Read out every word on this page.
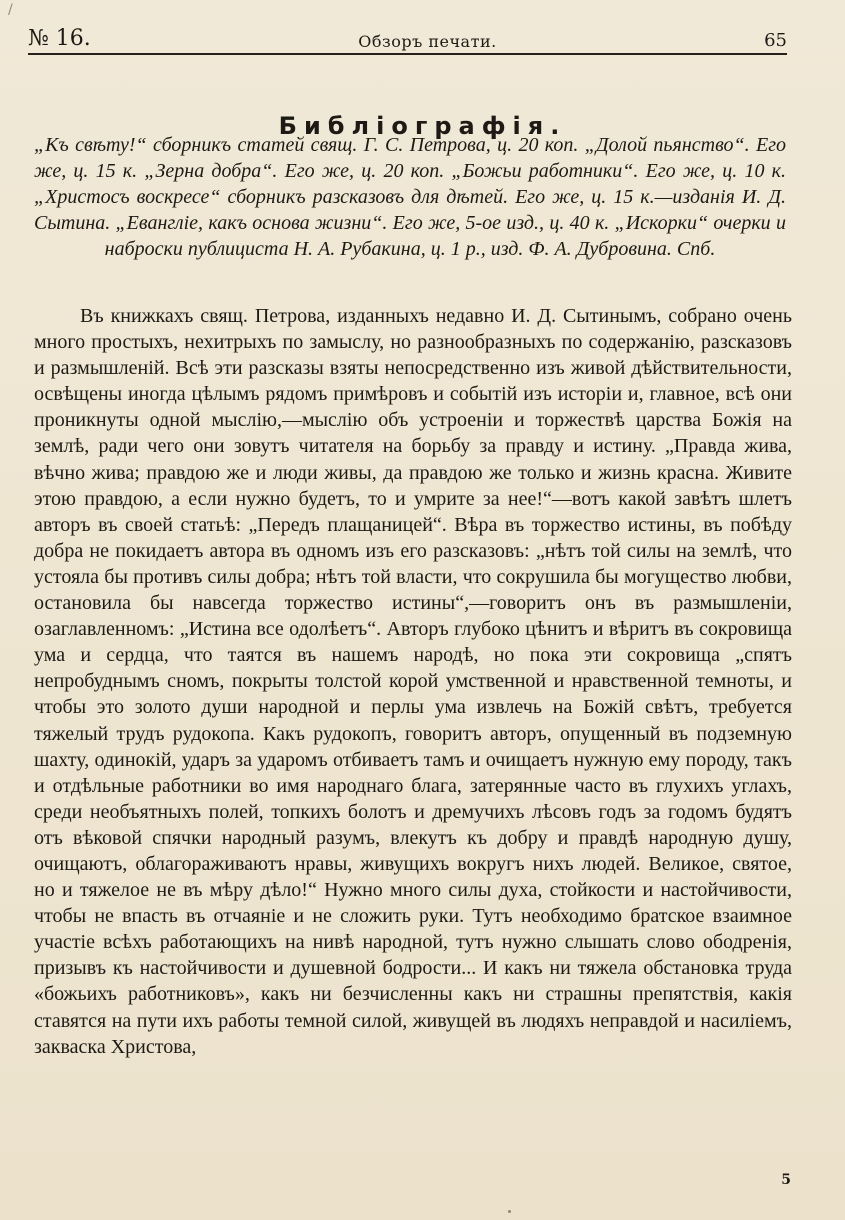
/
№ 16.	Обзоръ печати.	65
Библіографія.

„Къ свѣту!“ сборникъ статей свящ. Г. С. Петрова, ц. 20 коп. „Долой пьянство“. Его же, ц. 15 к. „Зерна добра“. Его же, ц. 20 коп. „Божьи работники“. Его же, ц. 10 к. „Христосъ воскресе“ сборникъ разсказовъ для дѣтей. Его же, ц. 15 к.—изданія И. Д. Сытина. „Евангліе, какъ основа жизни“. Его же, 5-ое изд., ц. 40 к. „Искорки“ очерки и наброски публициста Н. А. Рубакина, ц. 1 р., изд. Ф. А. Дубровина. Спб.

Въ книжкахъ свящ. Петрова, изданныхъ недавно И. Д. Сытинымъ, собрано очень много простыхъ, нехитрыхъ по замыслу, но разнообразныхъ по содержанію, разсказовъ и размышленій. Всѣ эти разсказы взяты непосредственно изъ живой дѣйствительности, освѣщены иногда цѣлымъ рядомъ примѣровъ и событій изъ исторіи и, главное, всѣ они проникнуты одной мыслію,—мыслію объ устроеніи и торжествѣ царства Божія на землѣ, ради чего они зовутъ читателя на борьбу за правду и истину. „Правда жива, вѣчно жива; правдою же и люди живы, да правдою же только и жизнь красна. Живите этою правдою, а если нужно будетъ, то и умрите за нее!“—вотъ какой завѣтъ шлетъ авторъ въ своей статьѣ: „Передъ плащаницей“. Вѣра въ торжество истины, въ побѣду добра не покидаетъ автора въ одномъ изъ его разсказовъ: „нѣтъ той силы на землѣ, что устояла бы противъ силы добра; нѣтъ той власти, что сокрушила бы могущество любви, остановила бы навсегда торжество истины“,—говоритъ онъ въ размышленіи, озаглавленномъ: „Истина все одолѣетъ“. Авторъ глубоко цѣнитъ и вѣритъ въ сокровища ума и сердца, что таятся въ нашемъ народѣ, но пока эти сокровища „спятъ непробуднымъ сномъ, покрыты толстой корой умственной и нравственной темноты, и чтобы это золото души народной и перлы ума извлечь на Божій свѣтъ, требуется тяжелый трудъ рудокопа. Какъ рудокопъ, говоритъ авторъ, опущенный въ подземную шахту, одинокій, ударъ за ударомъ отбиваетъ тамъ и очищаетъ нужную ему породу, такъ и отдѣльные работники во имя народнаго блага, затерянные часто въ глухихъ углахъ, среди необъятныхъ полей, топкихъ болотъ и дремучихъ лѣсовъ годъ за годомъ будятъ отъ вѣковой спячки народный разумъ, влекутъ къ добру и правдѣ народную душу, очищаютъ, облагораживаютъ нравы, живущихъ вокругъ нихъ людей. Великое, святое, но и тяжелое не въ мѣру дѣло!“ Нужно много силы духа, стойкости и настойчивости, чтобы не впасть въ отчаяніе и не сложить руки. Тутъ необходимо братское взаимное участіе всѣхъ работающихъ на нивѣ народной, тутъ нужно слышать слово ободренія, призывъ къ настойчивости и душевной бодрости... И какъ ни тяжела обстановка труда «божьихъ работниковъ», какъ ни безчисленны какъ ни страшны препятствія, какія ставятся на пути ихъ работы темной силой, живущей въ людяхъ неправдой и насиліемъ, закваска Христова,

5
